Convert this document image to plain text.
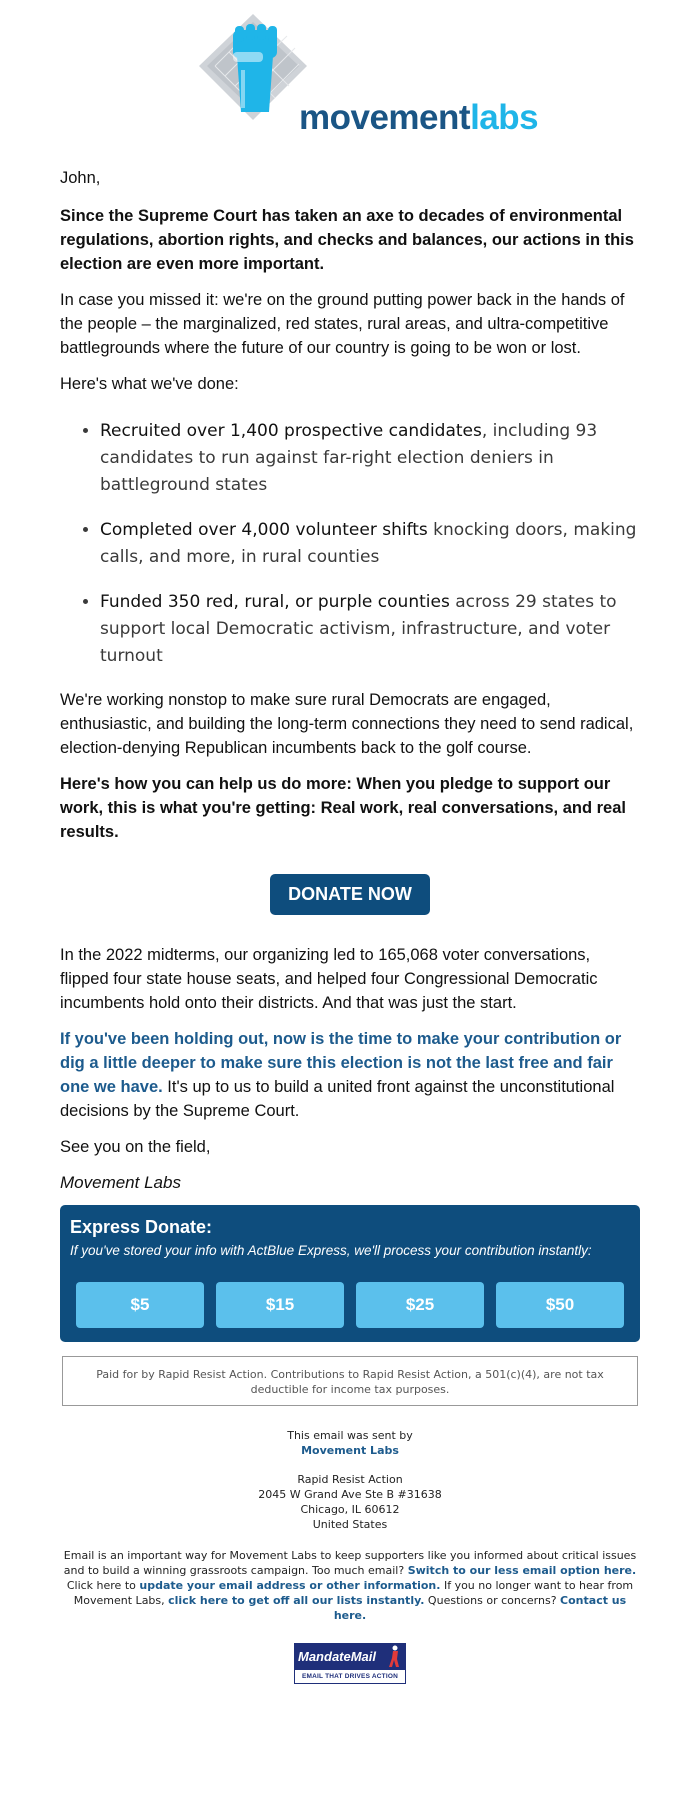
movementlabs

John,

Since the Supreme Court has taken an axe to decades of environmental regulations, abortion rights, and checks and balances, our actions in this election are even more important.

In case you missed it: we're on the ground putting power back in the hands of the people – the marginalized, red states, rural areas, and ultra-competitive battlegrounds where the future of our country is going to be won or lost.

Here's what we've done:

• Recruited over 1,400 prospective candidates, including 93 candidates to run against far-right election deniers in battleground states
• Completed over 4,000 volunteer shifts knocking doors, making calls, and more, in rural counties
• Funded 350 red, rural, or purple counties across 29 states to support local Democratic activism, infrastructure, and voter turnout

We're working nonstop to make sure rural Democrats are engaged, enthusiastic, and building the long-term connections they need to send radical, election-denying Republican incumbents back to the golf course.

Here's how you can help us do more: When you pledge to support our work, this is what you're getting: Real work, real conversations, and real results.

DONATE NOW

In the 2022 midterms, our organizing led to 165,068 voter conversations, flipped four state house seats, and helped four Congressional Democratic incumbents hold onto their districts. And that was just the start.

If you've been holding out, now is the time to make your contribution or dig a little deeper to make sure this election is not the last free and fair one we have. It's up to us to build a united front against the unconstitutional decisions by the Supreme Court.

See you on the field,

Movement Labs

Express Donate:
If you've stored your info with ActBlue Express, we'll process your contribution instantly:
$5	$15	$25	$50
Paid for by Rapid Resist Action. Contributions to Rapid Resist Action, a 501(c)(4), are not tax deductible for income tax purposes.
This email was sent by
Movement Labs
Rapid Resist Action
2045 W Grand Ave Ste B #31638
Chicago, IL 60612
United States
Email is an important way for Movement Labs to keep supporters like you informed about critical issues and to build a winning grassroots campaign. Too much email? Switch to our less email option here. Click here to update your email address or other information. If you no longer want to hear from Movement Labs, click here to get off all our lists instantly. Questions or concerns? Contact us here.
MandateMail
EMAIL THAT DRIVES ACTION
